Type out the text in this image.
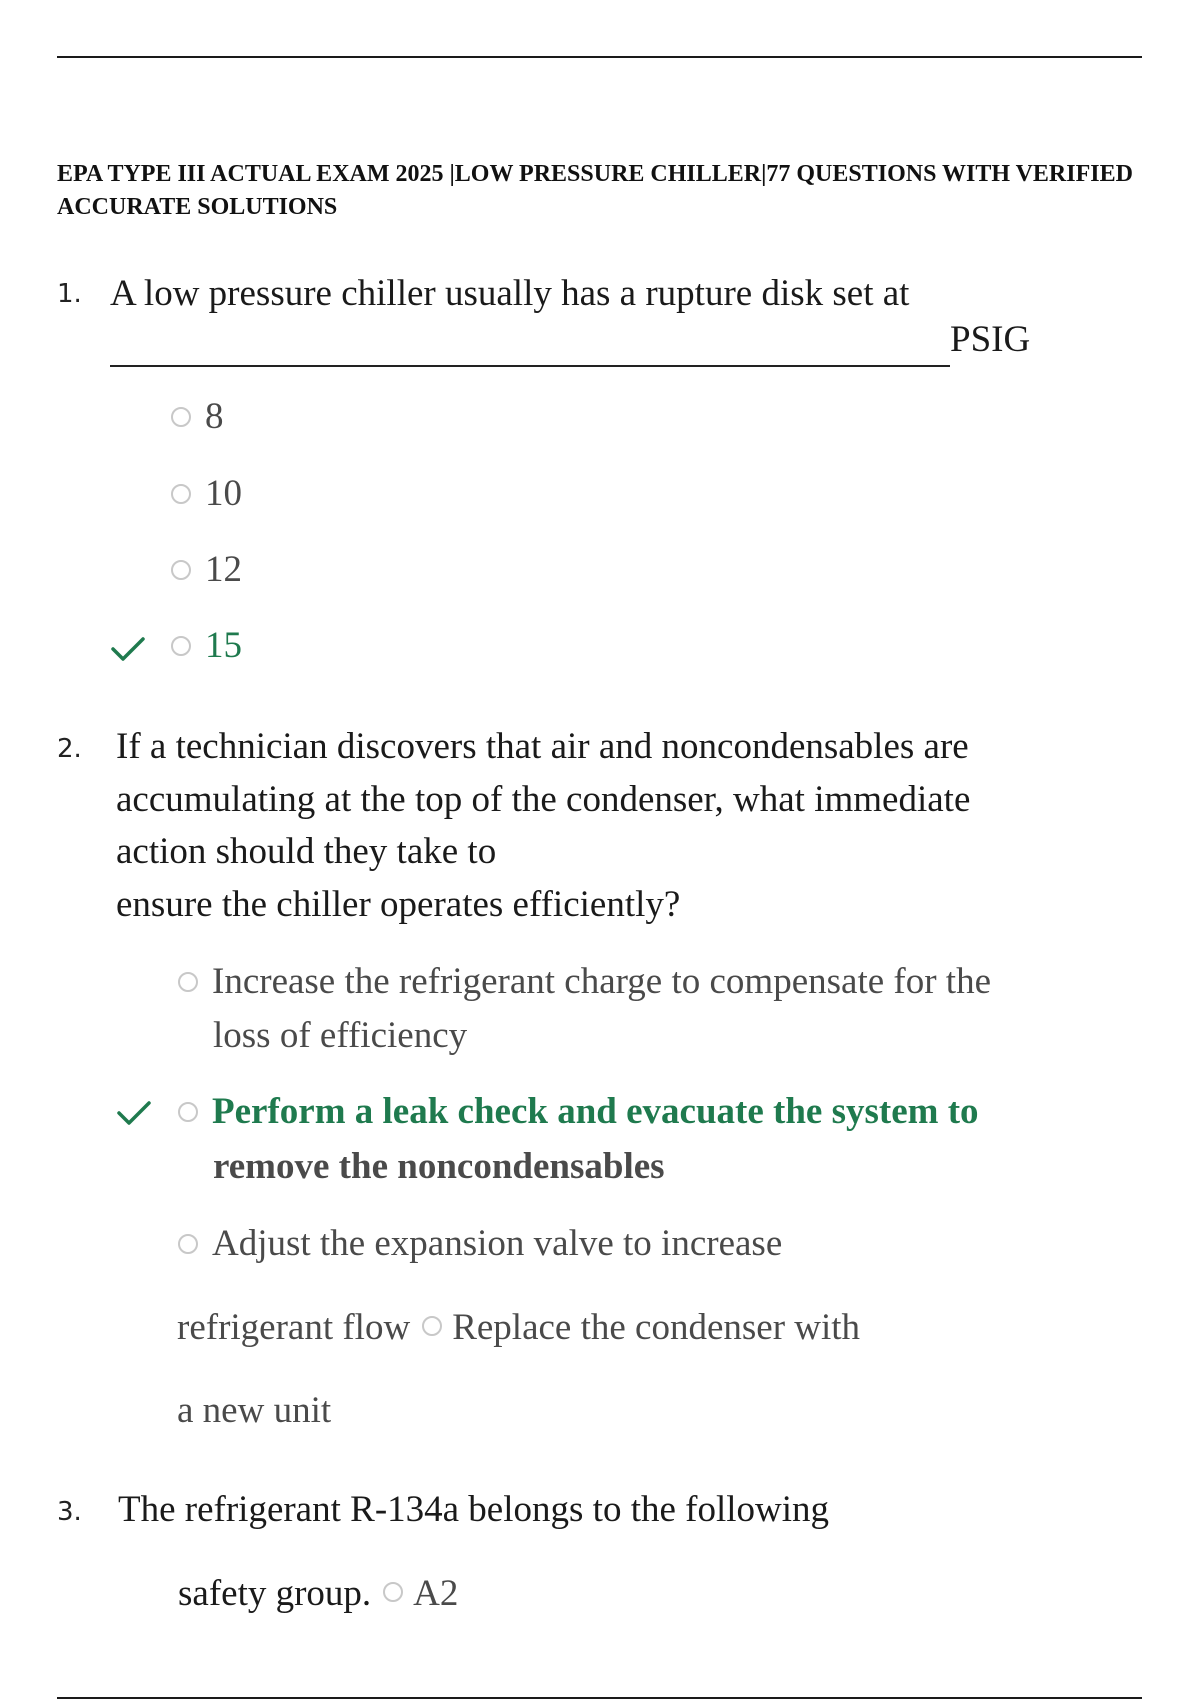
EPA TYPE III ACTUAL EXAM 2025 |LOW PRESSURE CHILLER|77 QUESTIONS WITH VERIFIED ACCURATE SOLUTIONS
1. A low pressure chiller usually has a rupture disk set at
PSIG
8
10
12
15
2. If a technician discovers that air and noncondensables are
accumulating at the top of the condenser, what immediate
action should they take to
ensure the chiller operates efficiently?
Increase the refrigerant charge to compensate for the
loss of efficiency
Perform a leak check and evacuate the system to
remove the noncondensables
Adjust the expansion valve to increase
refrigerant flow Replace the condenser with
a new unit
3. The refrigerant R-134a belongs to the following
safety group. A2
